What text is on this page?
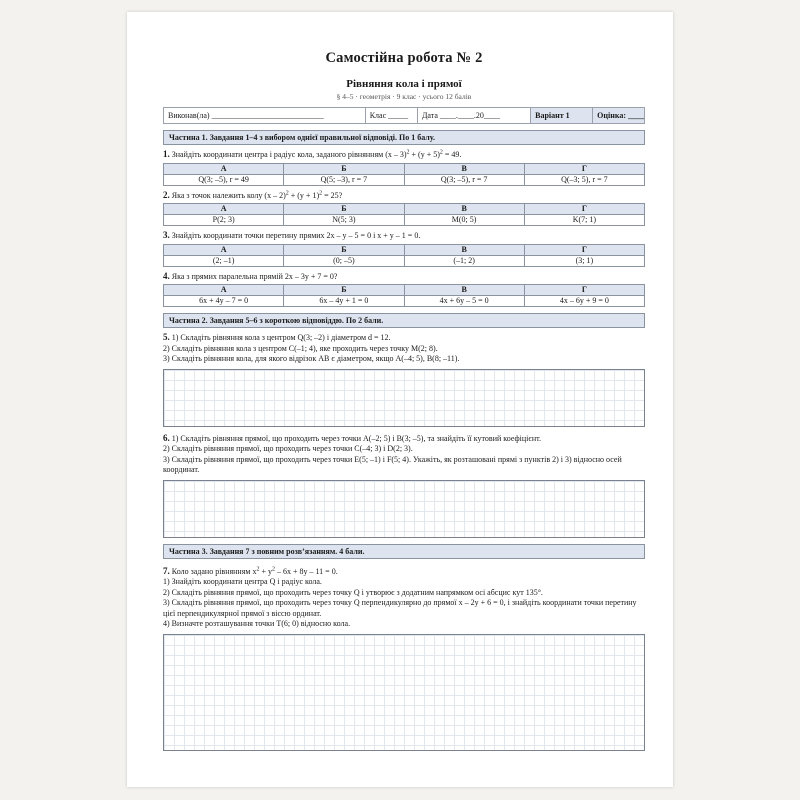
Самостійна робота № 2
Рівняння кола і прямої
§ 4–5 · геометрія · 9 клас · усього 12 балів
Виконав(ла) ____________________________	Клас _____	Дата ____.____.20____	Варіант 1	Оцінка: ____
Частина 1. Завдання 1–4 з вибором однієї правильної відповіді. По 1 балу.
1. Знайдіть координати центра і радіус кола, заданого рівнянням $(x - 3)^2 + (y + 5)^2 = 49$.
А	Б	В	Г
Q(3; –5), r = 49	Q(5; –3), r = 7	Q(3; –5), r = 7	Q(–3; 5), r = 7
2. Яка з точок належить колу $(x - 2)^2 + (y + 1)^2 = 25$?
А	Б	В	Г
P(2; 3)	N(5; 3)	M(0; 5)	K(7; 1)
3. Знайдіть координати точки перетину прямих 2x – y – 5 = 0 і x + y – 1 = 0.
А	Б	В	Г
(2; –1)	(0; –5)	(–1; 2)	(3; 1)
4. Яка з прямих паралельна прямій 2x – 3y + 7 = 0?
А	Б	В	Г
6x + 4y – 7 = 0	6x – 4y + 1 = 0	4x + 6y – 5 = 0	4x – 6y + 9 = 0
Частина 2. Завдання 5–6 з короткою відповіддю. По 2 бали.
5. 1) Складіть рівняння кола з центром Q(3; –2) і діаметром d = 12.
2) Складіть рівняння кола з центром C(–1; 4), яке проходить через точку M(2; 8).
3) Складіть рівняння кола, для якого відрізок AB є діаметром, якщо A(–4; 5), B(8; –11).
6. 1) Складіть рівняння прямої, що проходить через точки A(–2; 5) і B(3; –5), та знайдіть її кутовий коефіцієнт.
2) Складіть рівняння прямої, що проходить через точки C(–4; 3) і D(2; 3).
3) Складіть рівняння прямої, що проходить через точки E(5; –1) і F(5; 4). Укажіть, як розташовані прямі з пунктів 2) і 3) відносно осей координат.
Частина 3. Завдання 7 з повним розв’язанням. 4 бали.
7. Коло задано рівнянням $x^2 + y^2 - 6x + 8y - 11 = 0$.
1) Знайдіть координати центра Q і радіус кола.
2) Складіть рівняння прямої, що проходить через точку Q і утворює з додатним напрямком осі абсцис кут 135°.
3) Складіть рівняння прямої, що проходить через точку Q перпендикулярно до прямої x – 2y + 6 = 0, і знайдіть координати точки перетину цієї перпендикулярної прямої з віссю ординат.
4) Визначте розташування точки T(6; 0) відносно кола.
